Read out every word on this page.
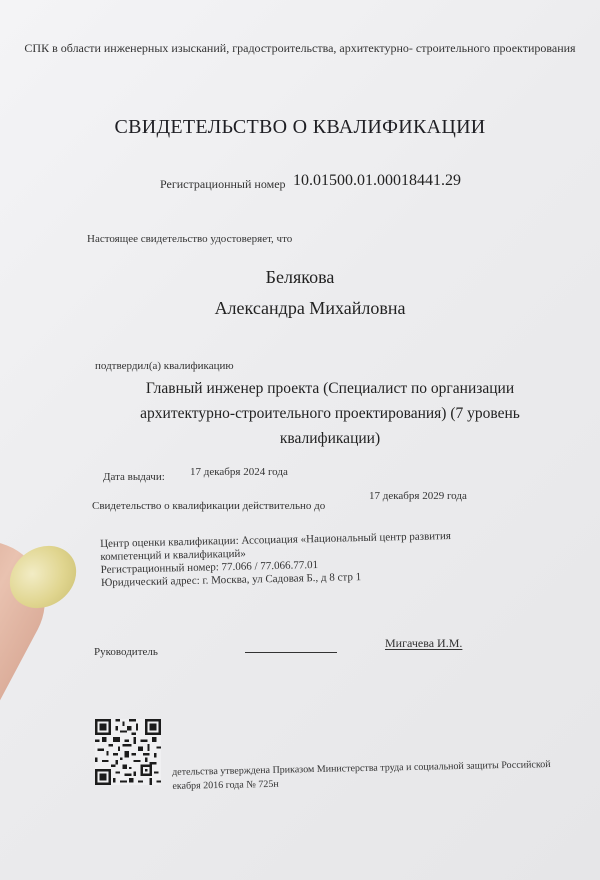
СПК в области инженерных изысканий, градостроительства, архитектурно- строительного проектирования
СВИДЕТЕЛЬСТВО О КВАЛИФИКАЦИИ
Регистрационный номер 10.01500.01.00018441.29
Настоящее свидетельство удостоверяет, что
Белякова
Александра Михайловна
подтвердил(а) квалификацию
Главный инженер проекта (Специалист по организации
архитектурно-строительного проектирования) (7 уровень
квалификации)
Дата выдачи: 17 декабря 2024 года
Свидетельство о квалификации действительно до
17 декабря 2029 года
Центр оценки квалификации: Ассоциация «Национальный центр развития
компетенций и квалификаций»
Регистрационный номер: 77.066 / 77.066.77.01
Юридический адрес: г. Москва, ул Садовая Б., д 8 стр 1
Руководитель
Мигачева И.М.
детельства утверждена Приказом Министерства труда и социальной защиты Российской
екабря 2016 года № 725н
